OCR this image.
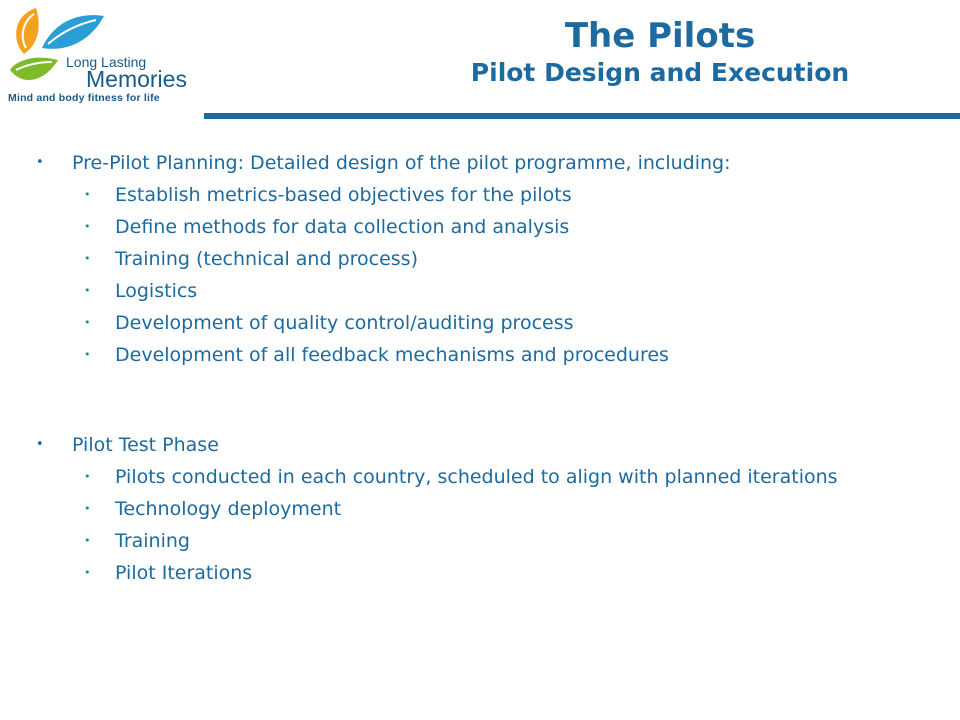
Long Lasting
Memories
Mind and body fitness for life
The Pilots
Pilot Design and Execution
• Pre-Pilot Planning: Detailed design of the pilot programme, including:
• Establish metrics-based objectives for the pilots
• Define methods for data collection and analysis
• Training (technical and process)
• Logistics
• Development of quality control/auditing process
• Development of all feedback mechanisms and procedures
• Pilot Test Phase
• Pilots conducted in each country, scheduled to align with planned iterations
• Technology deployment
• Training
• Pilot Iterations
